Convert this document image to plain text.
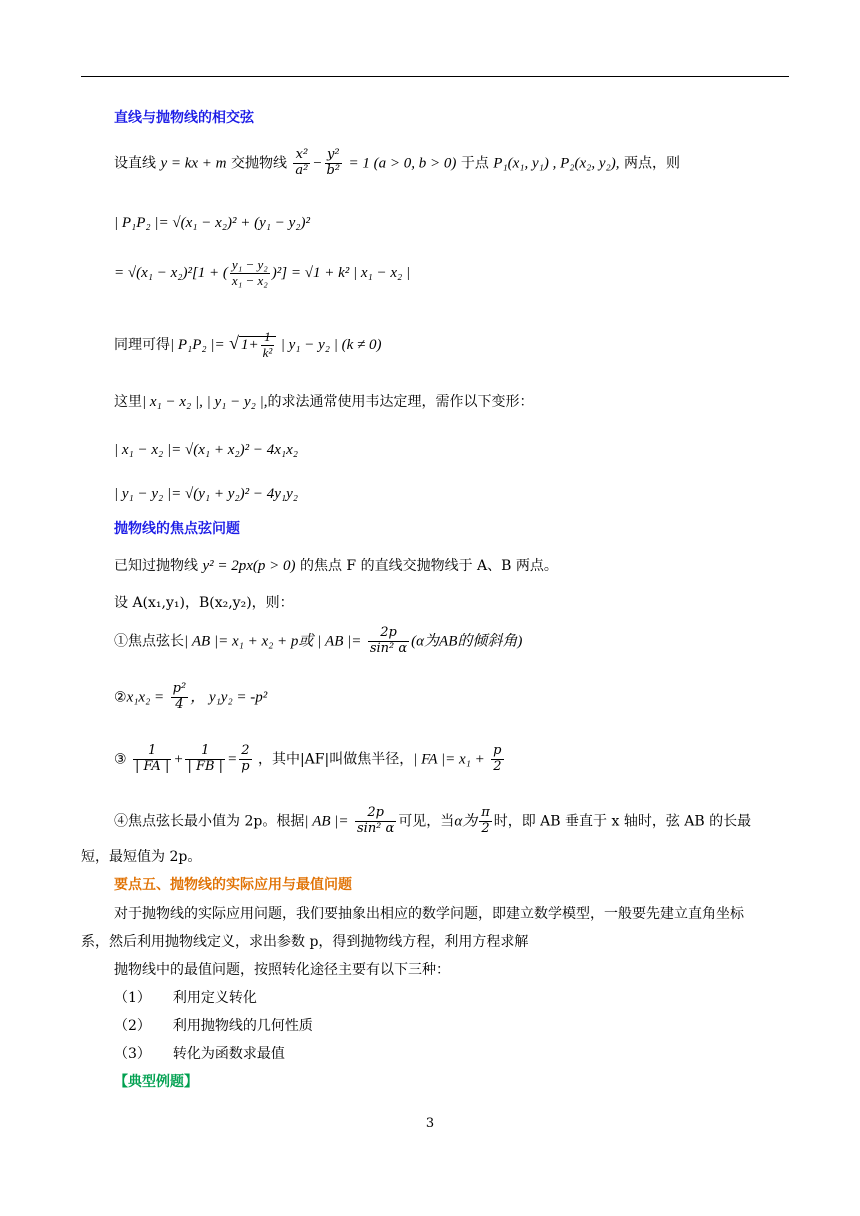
直线与抛物线的相交弦
设直线 y = kx + m 交抛物线 $\frac{\text{x²}}{\text{a²}} - \frac{\text{y²}}{\text{b²}} = 1$ (a > 0, b > 0) 于点 P₁(x₁, y₁) , P₂(x₂, y₂), 两点，则
| P₁P₂ |= √(x₁ − x₂)² + (y₁ − y₂)²
= √(x₁ − x₂)²[1 + ( $\frac{\text{y₁ − y₂}}{\text{x₁ − x₂}} )^2] = √1 + k^2$ | x₁ − x₂ |
同理可得| P₁P₂ |= √ $1+ \frac{1}{\text{k²}}$ | y₁ − y₂ | (k ≠ 0)
这里| x₁ − x₂ |, | y₁ − y₂ |,的求法通常使用韦达定理，需作以下变形：
| x₁ − x₂ |= √(x₁ + x₂)² − 4x₁x₂
| y₁ − y₂ |= √(y₁ + y₂)² − 4y₁y₂
抛物线的焦点弦问题
已知过抛物线 y² = 2px(p > 0) 的焦点 F 的直线交抛物线于 A、B 两点。
设 A(x₁,y₁)，B(x₂,y₂)，则：
①焦点弦长| AB |= x₁ + x₂ + p或 | AB |= $\frac{2p}{\text{sin² α}} (\alpha$为AB的倾斜角)
②x₁x₂ = $\frac{\text{p²}}{4}$ ， y₁y₂ = -p²
③ $\frac{1}{| FA |} + \frac{1}{| FB |} = \frac{2}{p}$ ，其中|AF|叫做焦半径，| FA |= $x_1 + \frac{p}{2}$
④焦点弦长最小值为 2p。根据| AB |= $\frac{2p}{\text{sin² α}}$ 可见，当α为 $\frac{\pi}{2}$ 时，即 AB 垂直于 x 轴时，弦 AB 的长最
短，最短值为 2p。
要点五、抛物线的实际应用与最值问题
对于抛物线的实际应用问题，我们要抽象出相应的数学问题，即建立数学模型，一般要先建立直角坐标
系，然后利用抛物线定义，求出参数 p，得到抛物线方程，利用方程求解
抛物线中的最值问题，按照转化途径主要有以下三种：
（1） 利用定义转化
（2） 利用抛物线的几何性质
（3） 转化为函数求最值
【典型例题】
3
